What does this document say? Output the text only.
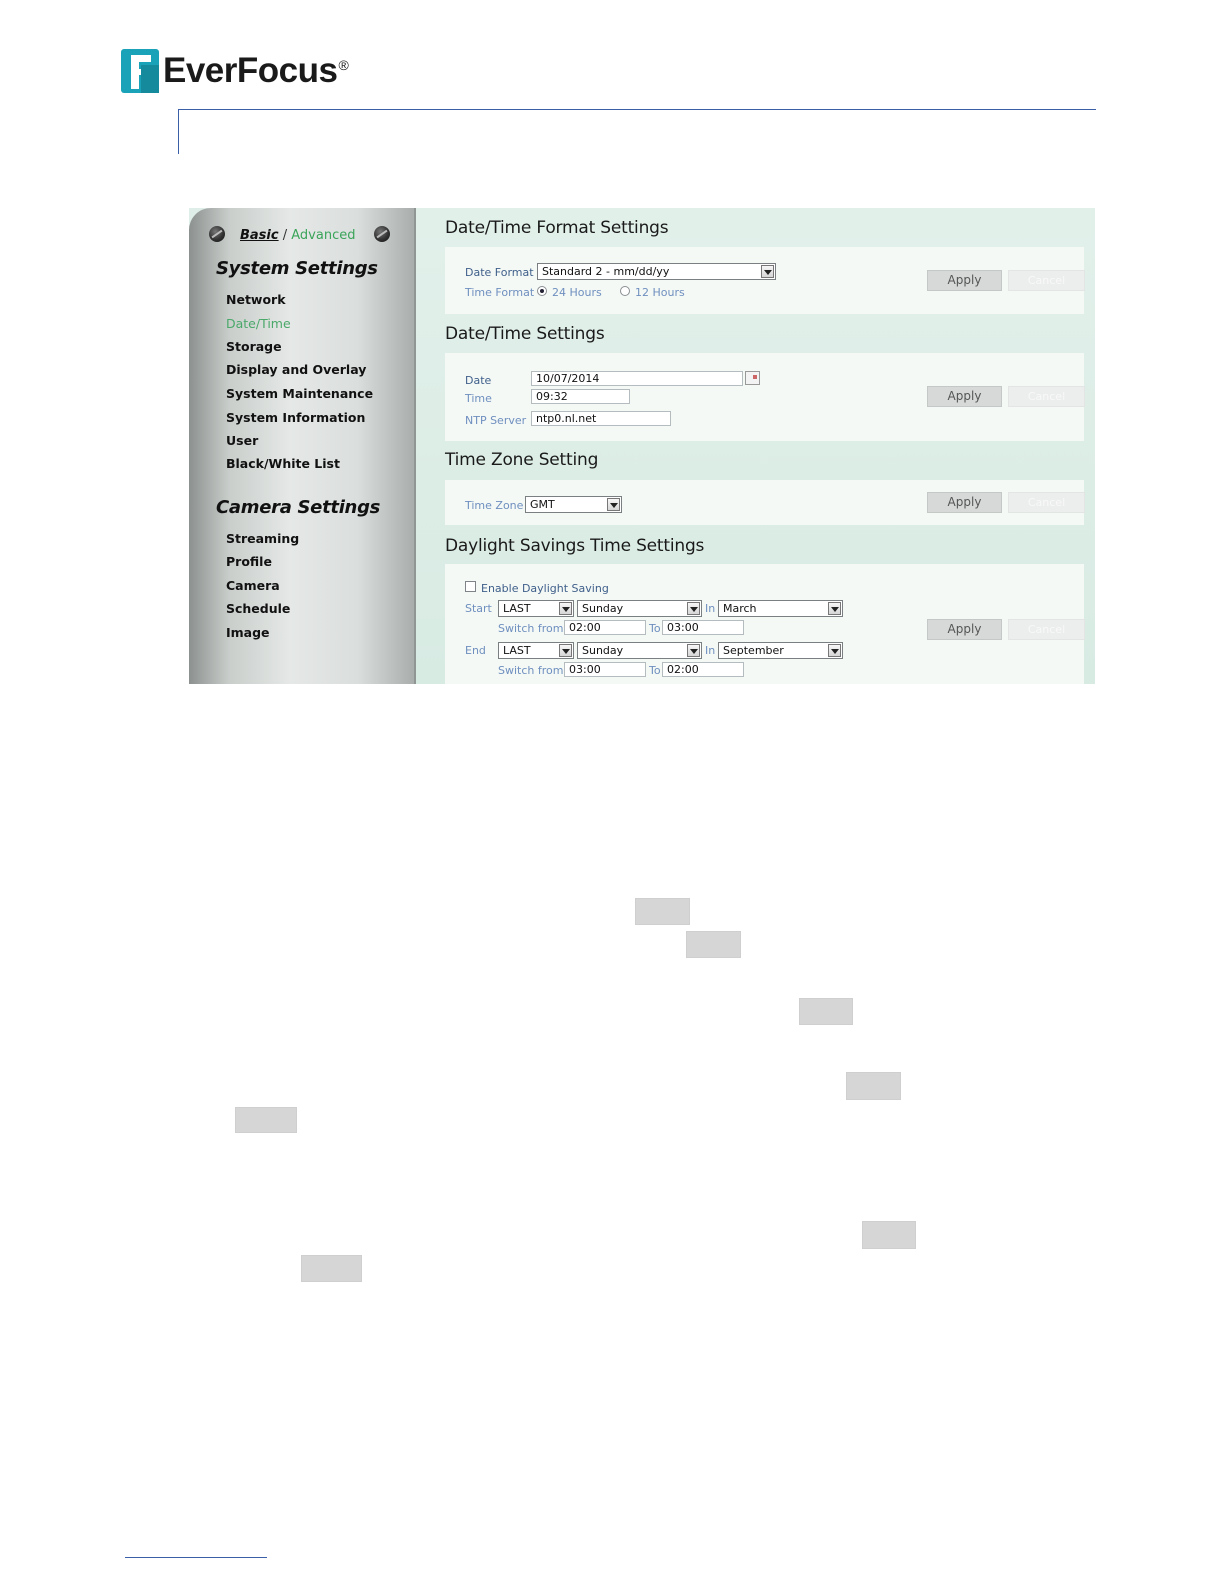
EverFocus ®
Basic / Advanced
System Settings
Network
Date/Time
Storage
Display and Overlay
System Maintenance
System Information
User
Black/White List
Camera Settings
Streaming
Profile
Camera
Schedule
Image
Date/Time Format Settings
Date Format Standard 2 - mm/dd/yy
Time Format 24 Hours	12 Hours
Apply	Cancel
Date/Time Settings
Date	10/07/2014
Time	09:32
NTP Server ntp0.nl.net
Apply	Cancel
Time Zone Setting
Time Zone GMT	Apply	Cancel
Daylight Savings Time Settings
Enable Daylight Saving
Start	LAST	Sunday	In March
Switch from 02:00	To 03:00
End	LAST	Sunday	In September
Switch from 03:00	To 02:00
Apply	Cancel
